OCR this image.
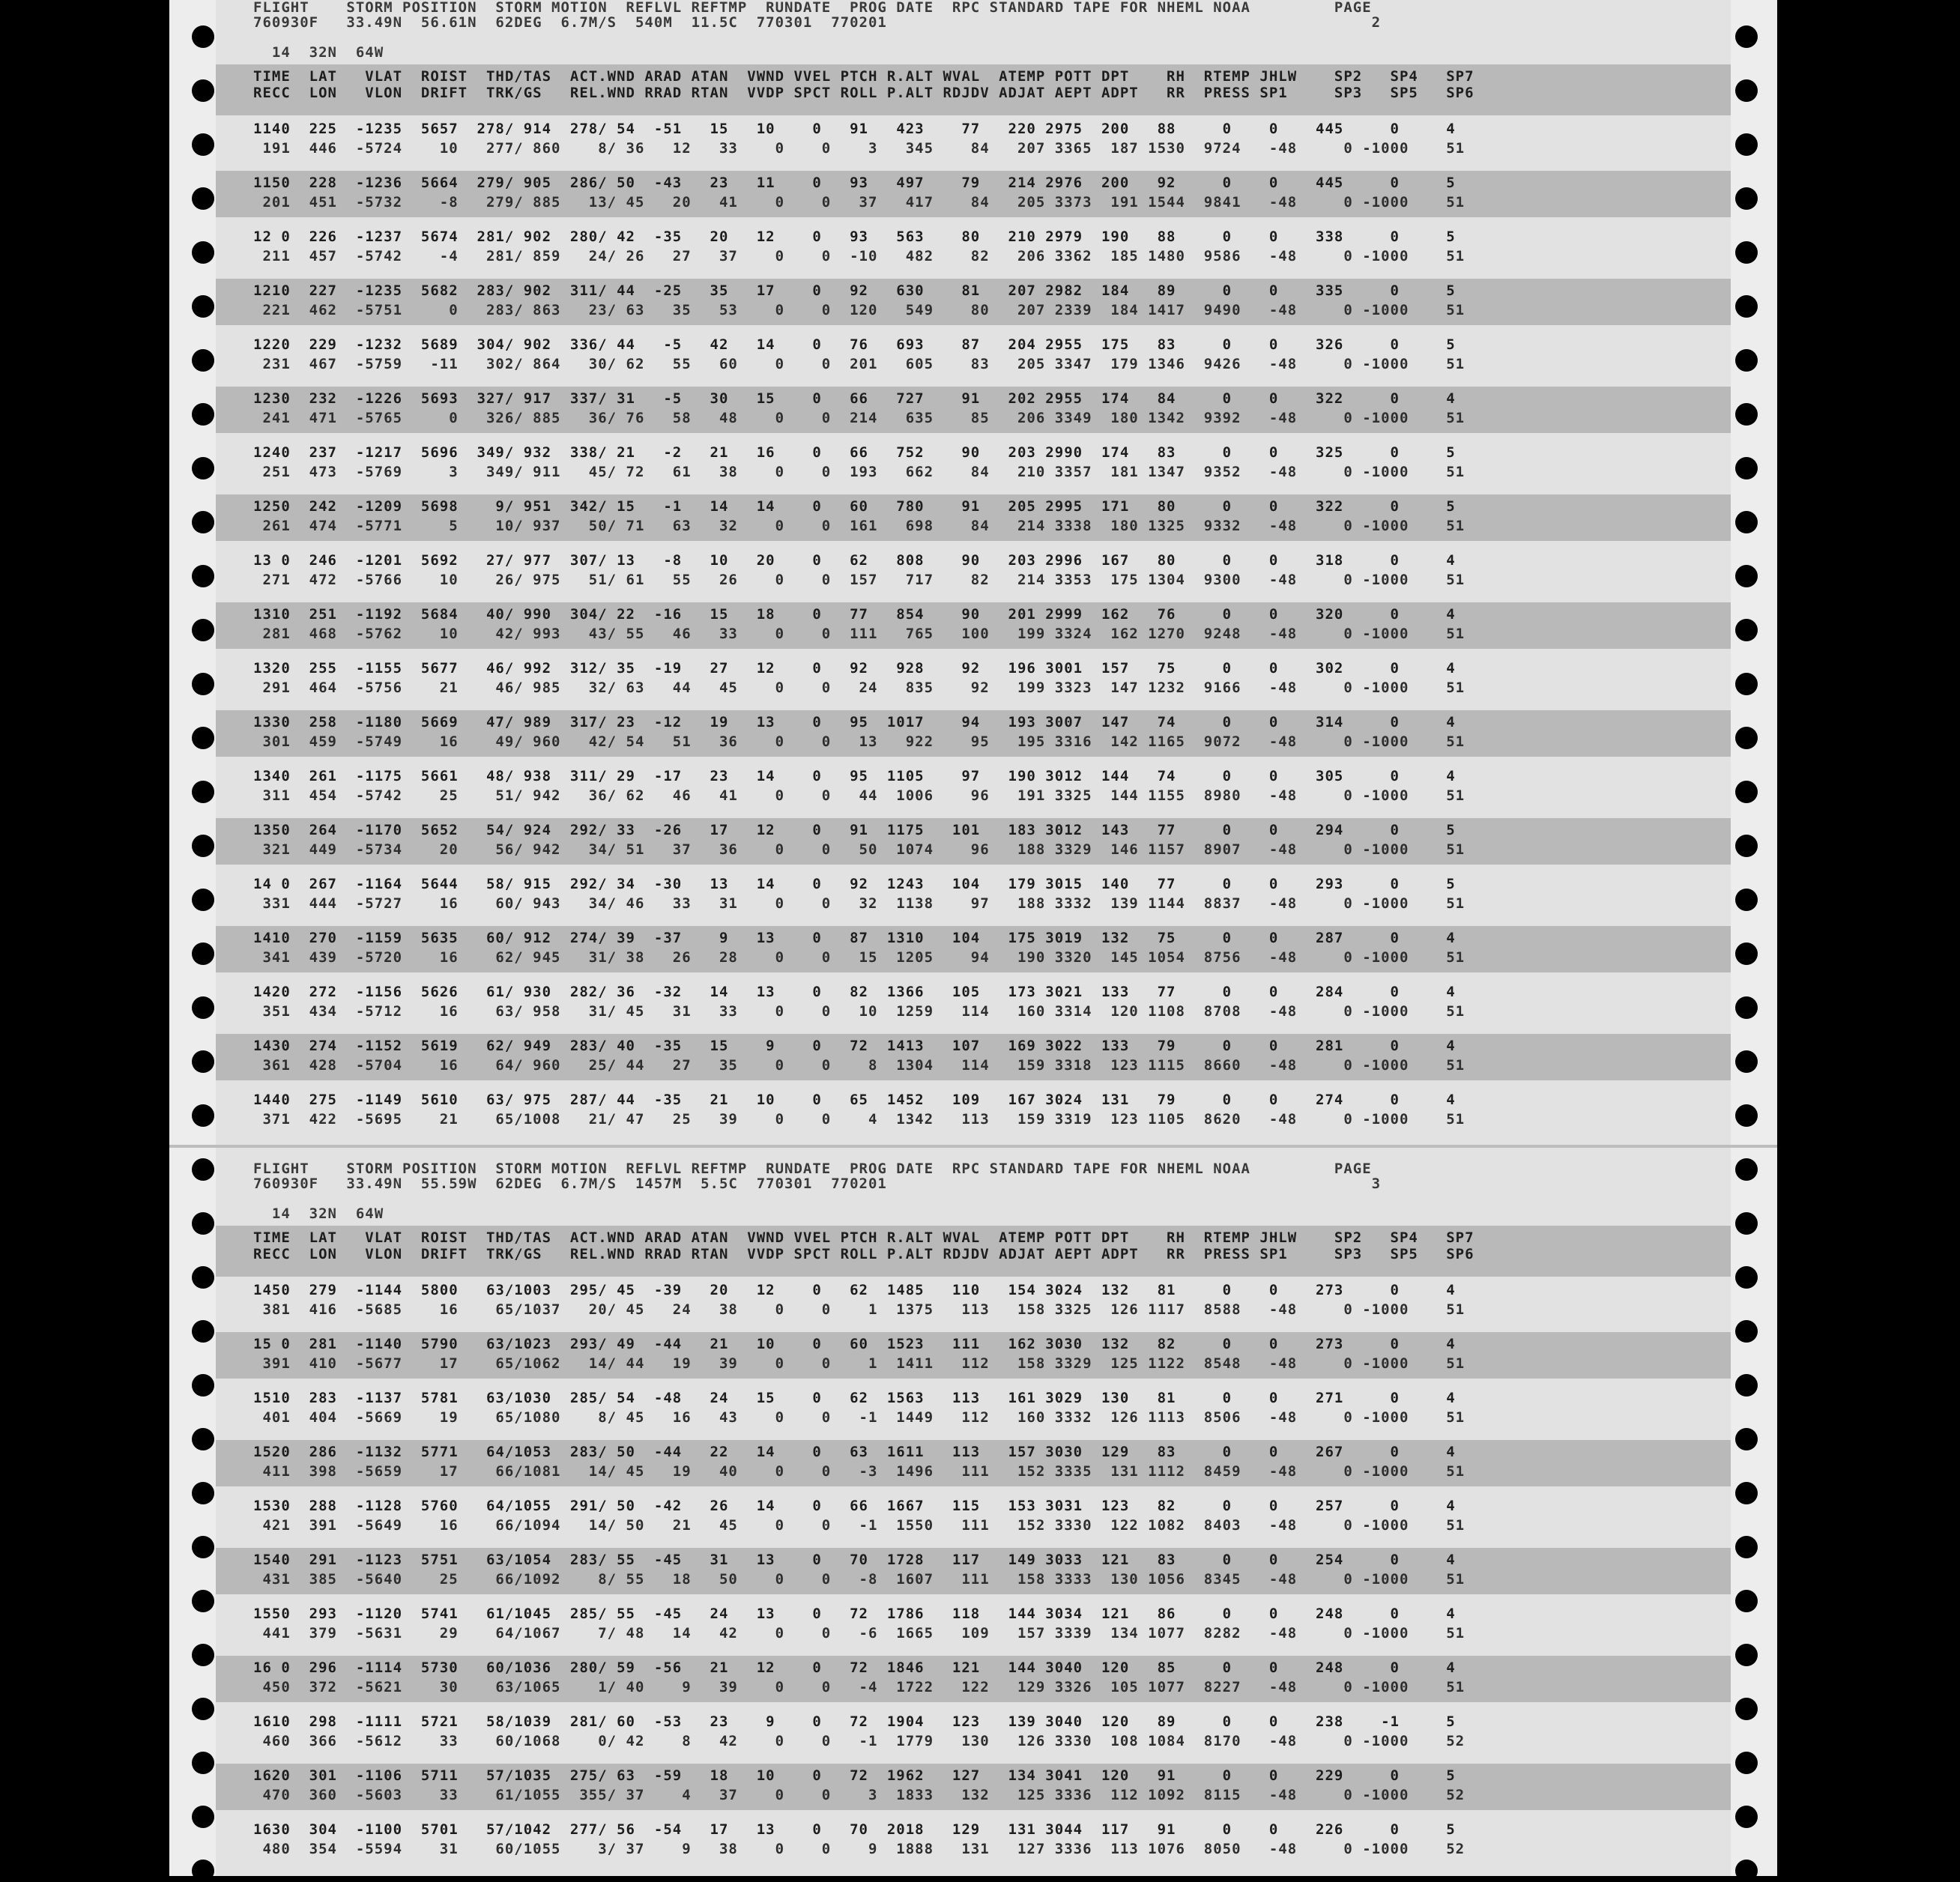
FLIGHT    STORM POSITION  STORM MOTION  REFLVL REFTMP  RUNDATE  PROG DATE  RPC STANDARD TAPE FOR NHEML NOAA         PAGE
760930F   33.49N  56.61N  62DEG  6.7M/S  540M  11.5C  770301  770201                                                    2
14  32N  64W
TIME  LAT   VLAT  ROIST  THD/TAS  ACT.WND ARAD ATAN  VWND VVEL PTCH R.ALT WVAL  ATEMP POTT DPT    RH  RTEMP JHLW    SP2   SP4   SP7
RECC  LON   VLON  DRIFT  TRK/GS   REL.WND RRAD RTAN  VVDP SPCT ROLL P.ALT RDJDV ADJAT AEPT ADPT   RR  PRESS SP1     SP3   SP5   SP6
1140  225  -1235  5657  278/ 914  278/ 54  -51   15   10    0   91   423    77   220 2975  200   88     0    0    445     0     4
191  446  -5724    10   277/ 860    8/ 36   12   33    0    0    3   345    84   207 3365  187 1530  9724   -48     0 -1000    51
1150  228  -1236  5664  279/ 905  286/ 50  -43   23   11    0   93   497    79   214 2976  200   92     0    0    445     0     5
201  451  -5732    -8   279/ 885   13/ 45   20   41    0    0   37   417    84   205 3373  191 1544  9841   -48     0 -1000    51
12 0  226  -1237  5674  281/ 902  280/ 42  -35   20   12    0   93   563    80   210 2979  190   88     0    0    338     0     5
211  457  -5742    -4   281/ 859   24/ 26   27   37    0    0  -10   482    82   206 3362  185 1480  9586   -48     0 -1000    51
1210  227  -1235  5682  283/ 902  311/ 44  -25   35   17    0   92   630    81   207 2982  184   89     0    0    335     0     5
221  462  -5751     0   283/ 863   23/ 63   35   53    0    0  120   549    80   207 2339  184 1417  9490   -48     0 -1000    51
1220  229  -1232  5689  304/ 902  336/ 44   -5   42   14    0   76   693    87   204 2955  175   83     0    0    326     0     5
231  467  -5759   -11   302/ 864   30/ 62   55   60    0    0  201   605    83   205 3347  179 1346  9426   -48     0 -1000    51
1230  232  -1226  5693  327/ 917  337/ 31   -5   30   15    0   66   727    91   202 2955  174   84     0    0    322     0     4
241  471  -5765     0   326/ 885   36/ 76   58   48    0    0  214   635    85   206 3349  180 1342  9392   -48     0 -1000    51
1240  237  -1217  5696  349/ 932  338/ 21   -2   21   16    0   66   752    90   203 2990  174   83     0    0    325     0     5
251  473  -5769     3   349/ 911   45/ 72   61   38    0    0  193   662    84   210 3357  181 1347  9352   -48     0 -1000    51
1250  242  -1209  5698    9/ 951  342/ 15   -1   14   14    0   60   780    91   205 2995  171   80     0    0    322     0     5
261  474  -5771     5    10/ 937   50/ 71   63   32    0    0  161   698    84   214 3338  180 1325  9332   -48     0 -1000    51
13 0  246  -1201  5692   27/ 977  307/ 13   -8   10   20    0   62   808    90   203 2996  167   80     0    0    318     0     4
271  472  -5766    10    26/ 975   51/ 61   55   26    0    0  157   717    82   214 3353  175 1304  9300   -48     0 -1000    51
1310  251  -1192  5684   40/ 990  304/ 22  -16   15   18    0   77   854    90   201 2999  162   76     0    0    320     0     4
281  468  -5762    10    42/ 993   43/ 55   46   33    0    0  111   765   100   199 3324  162 1270  9248   -48     0 -1000    51
1320  255  -1155  5677   46/ 992  312/ 35  -19   27   12    0   92   928    92   196 3001  157   75     0    0    302     0     4
291  464  -5756    21    46/ 985   32/ 63   44   45    0    0   24   835    92   199 3323  147 1232  9166   -48     0 -1000    51
1330  258  -1180  5669   47/ 989  317/ 23  -12   19   13    0   95  1017    94   193 3007  147   74     0    0    314     0     4
301  459  -5749    16    49/ 960   42/ 54   51   36    0    0   13   922    95   195 3316  142 1165  9072   -48     0 -1000    51
1340  261  -1175  5661   48/ 938  311/ 29  -17   23   14    0   95  1105    97   190 3012  144   74     0    0    305     0     4
311  454  -5742    25    51/ 942   36/ 62   46   41    0    0   44  1006    96   191 3325  144 1155  8980   -48     0 -1000    51
1350  264  -1170  5652   54/ 924  292/ 33  -26   17   12    0   91  1175   101   183 3012  143   77     0    0    294     0     5
321  449  -5734    20    56/ 942   34/ 51   37   36    0    0   50  1074    96   188 3329  146 1157  8907   -48     0 -1000    51
14 0  267  -1164  5644   58/ 915  292/ 34  -30   13   14    0   92  1243   104   179 3015  140   77     0    0    293     0     5
331  444  -5727    16    60/ 943   34/ 46   33   31    0    0   32  1138    97   188 3332  139 1144  8837   -48     0 -1000    51
1410  270  -1159  5635   60/ 912  274/ 39  -37    9   13    0   87  1310   104   175 3019  132   75     0    0    287     0     4
341  439  -5720    16    62/ 945   31/ 38   26   28    0    0   15  1205    94   190 3320  145 1054  8756   -48     0 -1000    51
1420  272  -1156  5626   61/ 930  282/ 36  -32   14   13    0   82  1366   105   173 3021  133   77     0    0    284     0     4
351  434  -5712    16    63/ 958   31/ 45   31   33    0    0   10  1259   114   160 3314  120 1108  8708   -48     0 -1000    51
1430  274  -1152  5619   62/ 949  283/ 40  -35   15    9    0   72  1413   107   169 3022  133   79     0    0    281     0     4
361  428  -5704    16    64/ 960   25/ 44   27   35    0    0    8  1304   114   159 3318  123 1115  8660   -48     0 -1000    51
1440  275  -1149  5610   63/ 975  287/ 44  -35   21   10    0   65  1452   109   167 3024  131   79     0    0    274     0     4
371  422  -5695    21    65/1008   21/ 47   25   39    0    0    4  1342   113   159 3319  123 1105  8620   -48     0 -1000    51
FLIGHT    STORM POSITION  STORM MOTION  REFLVL REFTMP  RUNDATE  PROG DATE  RPC STANDARD TAPE FOR NHEML NOAA         PAGE
760930F   33.49N  55.59W  62DEG  6.7M/S  1457M  5.5C  770301  770201                                                    3
14  32N  64W
TIME  LAT   VLAT  ROIST  THD/TAS  ACT.WND ARAD ATAN  VWND VVEL PTCH R.ALT WVAL  ATEMP POTT DPT    RH  RTEMP JHLW    SP2   SP4   SP7
RECC  LON   VLON  DRIFT  TRK/GS   REL.WND RRAD RTAN  VVDP SPCT ROLL P.ALT RDJDV ADJAT AEPT ADPT   RR  PRESS SP1     SP3   SP5   SP6
1450  279  -1144  5800   63/1003  295/ 45  -39   20   12    0   62  1485   110   154 3024  132   81     0    0    273     0     4
381  416  -5685    16    65/1037   20/ 45   24   38    0    0    1  1375   113   158 3325  126 1117  8588   -48     0 -1000    51
15 0  281  -1140  5790   63/1023  293/ 49  -44   21   10    0   60  1523   111   162 3030  132   82     0    0    273     0     4
391  410  -5677    17    65/1062   14/ 44   19   39    0    0    1  1411   112   158 3329  125 1122  8548   -48     0 -1000    51
1510  283  -1137  5781   63/1030  285/ 54  -48   24   15    0   62  1563   113   161 3029  130   81     0    0    271     0     4
401  404  -5669    19    65/1080    8/ 45   16   43    0    0   -1  1449   112   160 3332  126 1113  8506   -48     0 -1000    51
1520  286  -1132  5771   64/1053  283/ 50  -44   22   14    0   63  1611   113   157 3030  129   83     0    0    267     0     4
411  398  -5659    17    66/1081   14/ 45   19   40    0    0   -3  1496   111   152 3335  131 1112  8459   -48     0 -1000    51
1530  288  -1128  5760   64/1055  291/ 50  -42   26   14    0   66  1667   115   153 3031  123   82     0    0    257     0     4
421  391  -5649    16    66/1094   14/ 50   21   45    0    0   -1  1550   111   152 3330  122 1082  8403   -48     0 -1000    51
1540  291  -1123  5751   63/1054  283/ 55  -45   31   13    0   70  1728   117   149 3033  121   83     0    0    254     0     4
431  385  -5640    25    66/1092    8/ 55   18   50    0    0   -8  1607   111   158 3333  130 1056  8345   -48     0 -1000    51
1550  293  -1120  5741   61/1045  285/ 55  -45   24   13    0   72  1786   118   144 3034  121   86     0    0    248     0     4
441  379  -5631    29    64/1067    7/ 48   14   42    0    0   -6  1665   109   157 3339  134 1077  8282   -48     0 -1000    51
16 0  296  -1114  5730   60/1036  280/ 59  -56   21   12    0   72  1846   121   144 3040  120   85     0    0    248     0     4
450  372  -5621    30    63/1065    1/ 40    9   39    0    0   -4  1722   122   129 3326  105 1077  8227   -48     0 -1000    51
1610  298  -1111  5721   58/1039  281/ 60  -53   23    9    0   72  1904   123   139 3040  120   89     0    0    238    -1     5
460  366  -5612    33    60/1068    0/ 42    8   42    0    0   -1  1779   130   126 3330  108 1084  8170   -48     0 -1000    52
1620  301  -1106  5711   57/1035  275/ 63  -59   18   10    0   72  1962   127   134 3041  120   91     0    0    229     0     5
470  360  -5603    33    61/1055  355/ 37    4   37    0    0    3  1833   132   125 3336  112 1092  8115   -48     0 -1000    52
1630  304  -1100  5701   57/1042  277/ 56  -54   17   13    0   70  2018   129   131 3044  117   91     0    0    226     0     5
480  354  -5594    31    60/1055    3/ 37    9   38    0    0    9  1888   131   127 3336  113 1076  8050   -48     0 -1000    52
